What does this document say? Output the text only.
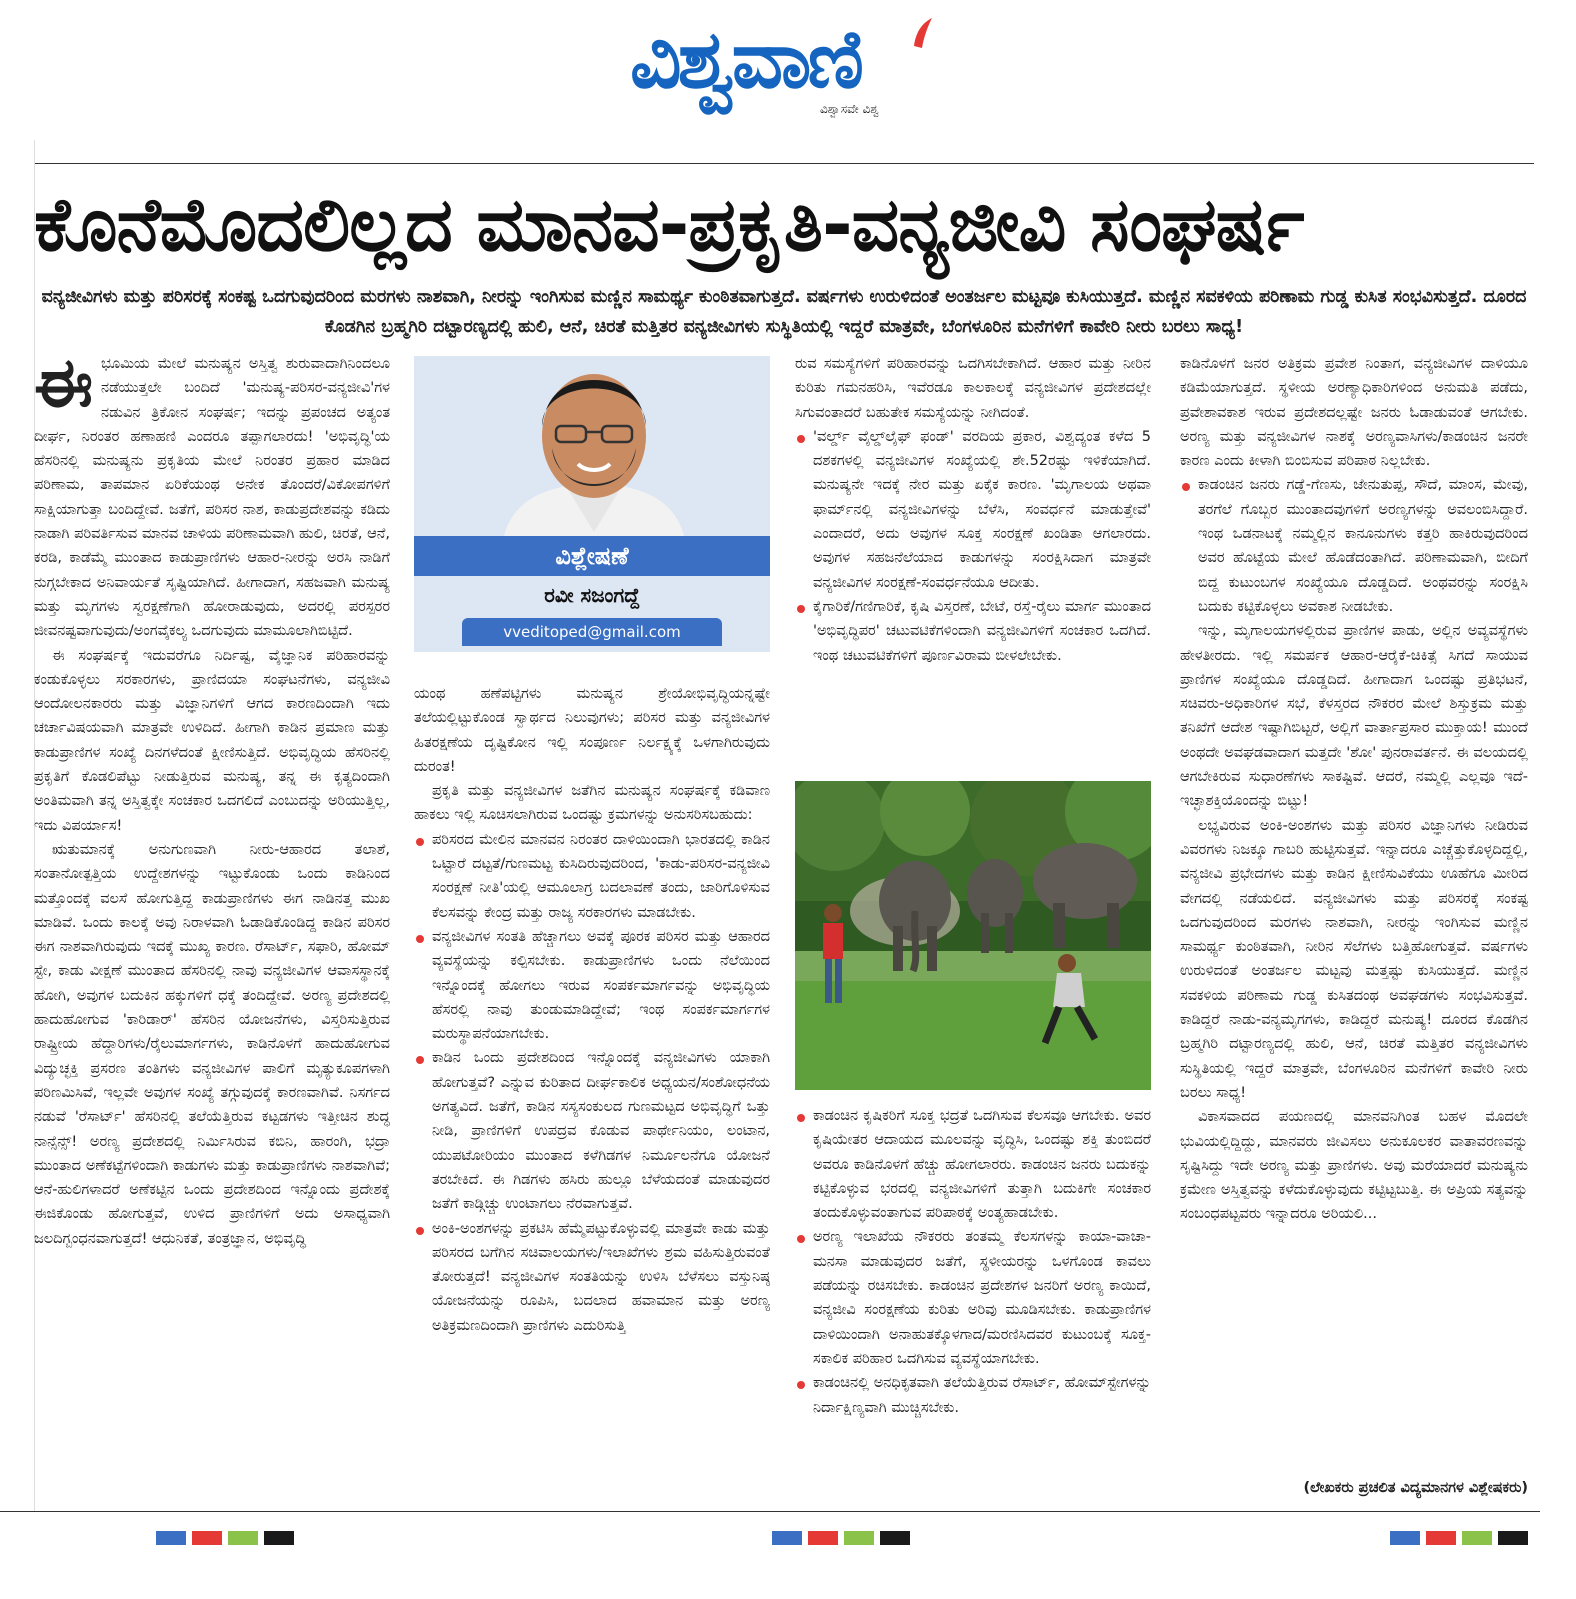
ವಿಶ್ವವಾಣಿ
ವಿಶ್ವಾಸವೇ ವಿಶ್ವ
ಕೊನೆಮೊದಲಿಲ್ಲದ ಮಾನವ-ಪ್ರಕೃತಿ-ವನ್ಯಜೀವಿ ಸಂಘರ್ಷ
ವನ್ಯಜೀವಿಗಳು ಮತ್ತು ಪರಿಸರಕ್ಕೆ ಸಂಕಷ್ಟ ಒದಗುವುದರಿಂದ ಮರಗಳು ನಾಶವಾಗಿ, ನೀರನ್ನು ಇಂಗಿಸುವ ಮಣ್ಣಿನ ಸಾಮರ್ಥ್ಯ ಕುಂಠಿತವಾಗುತ್ತದೆ. ವರ್ಷಗಳು ಉರುಳಿದಂತೆ ಅಂತರ್ಜಲ ಮಟ್ಟವೂ ಕುಸಿಯುತ್ತದೆ. ಮಣ್ಣಿನ ಸವಕಳಿಯ ಪರಿಣಾಮ ಗುಡ್ಡ ಕುಸಿತ ಸಂಭವಿಸುತ್ತದೆ. ದೂರದ ಕೊಡಗಿನ ಬ್ರಹ್ಮಗಿರಿ ದಟ್ಟಾರಣ್ಯದಲ್ಲಿ ಹುಲಿ, ಆನೆ, ಚಿರತೆ ಮತ್ತಿತರ ವನ್ಯಜೀವಿಗಳು ಸುಸ್ಥಿತಿಯಲ್ಲಿ ಇದ್ದರೆ ಮಾತ್ರವೇ, ಬೆಂಗಳೂರಿನ ಮನೆಗಳಿಗೆ ಕಾವೇರಿ ನೀರು ಬರಲು ಸಾಧ್ಯ!

ಈಭೂಮಿಯ ಮೇಲೆ ಮನುಷ್ಯನ ಅಸ್ತಿತ್ವ ಶುರುವಾದಾಗಿನಿಂದಲೂ ನಡೆಯುತ್ತಲೇ ಬಂದಿದೆ 'ಮನುಷ್ಯ-ಪರಿಸರ-ವನ್ಯಜೀವಿ'ಗಳ ನಡುವಿನ ತ್ರಿಕೋನ ಸಂಘರ್ಷ; ಇದನ್ನು ಪ್ರಪಂಚದ ಅತ್ಯಂತ ದೀರ್ಘ, ನಿರಂತರ ಹಣಾಹಣಿ ಎಂದರೂ ತಪ್ಪಾಗಲಾರದು! 'ಅಭಿವೃದ್ಧಿ'ಯ ಹೆಸರಿನಲ್ಲಿ ಮನುಷ್ಯನು ಪ್ರಕೃತಿಯ ಮೇಲೆ ನಿರಂತರ ಪ್ರಹಾರ ಮಾಡಿದ ಪರಿಣಾಮ, ತಾಪಮಾನ ಏರಿಕೆಯಂಥ ಅನೇಕ ತೊಂದರೆ/ವಿಕೋಪಗಳಿಗೆ ಸಾಕ್ಷಿಯಾಗುತ್ತಾ ಬಂದಿದ್ದೇವೆ. ಜತೆಗೆ, ಪರಿಸರ ನಾಶ, ಕಾಡುಪ್ರದೇಶವನ್ನು ಕಡಿದು ನಾಡಾಗಿ ಪರಿವರ್ತಿಸುವ ಮಾನವ ಚಾಳಿಯ ಪರಿಣಾಮವಾಗಿ ಹುಲಿ, ಚಿರತೆ, ಆನೆ, ಕರಡಿ, ಕಾಡೆಮ್ಮೆ ಮುಂತಾದ ಕಾಡುಪ್ರಾಣಿಗಳು ಆಹಾರ-ನೀರನ್ನು ಅರಸಿ ನಾಡಿಗೆ ನುಗ್ಗಬೇಕಾದ ಅನಿವಾರ್ಯತೆ ಸೃಷ್ಟಿಯಾಗಿದೆ. ಹೀಗಾದಾಗ, ಸಹಜವಾಗಿ ಮನುಷ್ಯ ಮತ್ತು ಮೃಗಗಳು ಸ್ವರಕ್ಷಣೆಗಾಗಿ ಹೋರಾಡುವುದು, ಅದರಲ್ಲಿ ಪರಸ್ಪರರ ಜೀವನಷ್ಟವಾಗುವುದು/ಅಂಗವೈಕಲ್ಯ ಒದಗುವುದು ಮಾಮೂಲಾಗಿಬಿಟ್ಟಿದೆ.

ಈ ಸಂಘರ್ಷಕ್ಕೆ ಇದುವರೆಗೂ ನಿರ್ದಿಷ್ಟ, ವೈಜ್ಞಾನಿಕ ಪರಿಹಾರವನ್ನು ಕಂಡುಕೊಳ್ಳಲು ಸರಕಾರಗಳು, ಪ್ರಾಣಿದಯಾ ಸಂಘಟನೆಗಳು, ವನ್ಯಜೀವಿ ಆಂದೋಲನಕಾರರು ಮತ್ತು ವಿಜ್ಞಾನಿಗಳಿಗೆ ಆಗದ ಕಾರಣದಿಂದಾಗಿ ಇದು ಚರ್ಚಾವಿಷಯವಾಗಿ ಮಾತ್ರವೇ ಉಳಿದಿದೆ. ಹೀಗಾಗಿ ಕಾಡಿನ ಪ್ರಮಾಣ ಮತ್ತು ಕಾಡುಪ್ರಾಣಿಗಳ ಸಂಖ್ಯೆ ದಿನಗಳೆದಂತೆ ಕ್ಷೀಣಿಸುತ್ತಿದೆ. ಅಭಿವೃದ್ಧಿಯ ಹೆಸರಿನಲ್ಲಿ ಪ್ರಕೃತಿಗೆ ಕೊಡಲಿಪೆಟ್ಟು ನೀಡುತ್ತಿರುವ ಮನುಷ್ಯ, ತನ್ನ ಈ ಕೃತ್ಯದಿಂದಾಗಿ ಅಂತಿಮವಾಗಿ ತನ್ನ ಅಸ್ತಿತ್ವಕ್ಕೇ ಸಂಚಕಾರ ಒದಗಲಿದೆ ಎಂಬುದನ್ನು ಅರಿಯುತ್ತಿಲ್ಲ, ಇದು ವಿಪರ್ಯಾಸ!

ಋತುಮಾನಕ್ಕೆ ಅನುಗುಣವಾಗಿ ನೀರು-ಆಹಾರದ ತಲಾಶೆ, ಸಂತಾನೋತ್ಪತ್ತಿಯ ಉದ್ದೇಶಗಳನ್ನು ಇಟ್ಟುಕೊಂಡು ಒಂದು ಕಾಡಿನಿಂದ ಮತ್ತೊಂದಕ್ಕೆ ವಲಸೆ ಹೋಗುತ್ತಿದ್ದ ಕಾಡುಪ್ರಾಣಿಗಳು ಈಗ ನಾಡಿನತ್ತ ಮುಖ ಮಾಡಿವೆ. ಒಂದು ಕಾಲಕ್ಕೆ ಅವು ನಿರಾಳವಾಗಿ ಓಡಾಡಿಕೊಂಡಿದ್ದ ಕಾಡಿನ ಪರಿಸರ ಈಗ ನಾಶವಾಗಿರುವುದು ಇದಕ್ಕೆ ಮುಖ್ಯ ಕಾರಣ. ರೆಸಾರ್ಟ್, ಸಫಾರಿ, ಹೋಮ್ ಸ್ಟೇ, ಕಾಡು ವೀಕ್ಷಣೆ ಮುಂತಾದ ಹೆಸರಿನಲ್ಲಿ ನಾವು ವನ್ಯಜೀವಿಗಳ ಆವಾಸಸ್ಥಾನಕ್ಕೆ ಹೋಗಿ, ಅವುಗಳ ಬದುಕಿನ ಹಕ್ಕುಗಳಿಗೆ ಧಕ್ಕೆ ತಂದಿದ್ದೇವೆ. ಅರಣ್ಯ ಪ್ರದೇಶದಲ್ಲಿ ಹಾದುಹೋಗುವ 'ಕಾರಿಡಾರ್' ಹೆಸರಿನ ಯೋಜನೆಗಳು, ವಿಸ್ತರಿಸುತ್ತಿರುವ ರಾಷ್ಟ್ರೀಯ ಹೆದ್ದಾರಿಗಳು/ರೈಲುಮಾರ್ಗಗಳು, ಕಾಡಿನೊಳಗೆ ಹಾದುಹೋಗುವ ವಿದ್ಯುಚ್ಛಕ್ತಿ ಪ್ರಸರಣ ತಂತಿಗಳು ವನ್ಯಜೀವಿಗಳ ಪಾಲಿಗೆ ಮೃತ್ಯುಕೂಪಗಳಾಗಿ ಪರಿಣಮಿಸಿವೆ, ಇಲ್ಲವೇ ಅವುಗಳ ಸಂಖ್ಯೆ ತಗ್ಗುವುದಕ್ಕೆ ಕಾರಣವಾಗಿವೆ. ನಿಸರ್ಗದ ನಡುವೆ 'ರೆಸಾರ್ಟ್' ಹೆಸರಿನಲ್ಲಿ ತಲೆಯೆತ್ತಿರುವ ಕಟ್ಟಡಗಳು ಇತ್ತೀಚಿನ ಶುದ್ಧ ನಾನ್ಸೆನ್ಸ್! ಅರಣ್ಯ ಪ್ರದೇಶದಲ್ಲಿ ನಿರ್ಮಿಸಿರುವ ಕಬಿನಿ, ಹಾರಂಗಿ, ಭದ್ರಾ ಮುಂತಾದ ಅಣೆಕಟ್ಟೆಗಳಿಂದಾಗಿ ಕಾಡುಗಳು ಮತ್ತು ಕಾಡುಪ್ರಾಣಿಗಳು ನಾಶವಾಗಿವೆ; ಆನೆ-ಹುಲಿಗಳಾದರೆ ಅಣೆಕಟ್ಟಿನ ಒಂದು ಪ್ರದೇಶದಿಂದ ಇನ್ನೊಂದು ಪ್ರದೇಶಕ್ಕೆ ಈಜಿಕೊಂಡು ಹೋಗುತ್ತವೆ, ಉಳಿದ ಪ್ರಾಣಿಗಳಿಗೆ ಅದು ಅಸಾಧ್ಯವಾಗಿ ಜಲದಿಗ್ಬಂಧನವಾಗುತ್ತದೆ! ಆಧುನಿಕತೆ, ತಂತ್ರಜ್ಞಾನ, ಅಭಿವೃದ್ಧಿ

ವಿಶ್ಲೇಷಣೆ
ರವೀ ಸಜಂಗದ್ದೆ
vveditoped@gmail.com

ಯಂಥ ಹಣೆಪಟ್ಟಿಗಳು ಮನುಷ್ಯನ ಶ್ರೇಯೋಭಿವೃದ್ಧಿಯನ್ನಷ್ಟೇ ತಲೆಯಲ್ಲಿಟ್ಟುಕೊಂಡ ಸ್ವಾರ್ಥದ ನಿಲುವುಗಳು; ಪರಿಸರ ಮತ್ತು ವನ್ಯಜೀವಿಗಳ ಹಿತರಕ್ಷಣೆಯ ದೃಷ್ಟಿಕೋನ ಇಲ್ಲಿ ಸಂಪೂರ್ಣ ನಿರ್ಲಕ್ಷ್ಯಕ್ಕೆ ಒಳಗಾಗಿರುವುದು ದುರಂತ!

ಪ್ರಕೃತಿ ಮತ್ತು ವನ್ಯಜೀವಿಗಳ ಜತೆಗಿನ ಮನುಷ್ಯನ ಸಂಘರ್ಷಕ್ಕೆ ಕಡಿವಾಣ ಹಾಕಲು ಇಲ್ಲಿ ಸೂಚಿಸಲಾಗಿರುವ ಒಂದಷ್ಟು ಕ್ರಮಗಳನ್ನು ಅನುಸರಿಸಬಹುದು:

ಪರಿಸರದ ಮೇಲಿನ ಮಾನವನ ನಿರಂತರ ದಾಳಿಯಿಂದಾಗಿ ಭಾರತದಲ್ಲಿ ಕಾಡಿನ ಒಟ್ಟಾರೆ ದಟ್ಟತೆ/ಗುಣಮಟ್ಟ ಕುಸಿದಿರುವುದರಿಂದ, 'ಕಾಡು-ಪರಿಸರ-ವನ್ಯಜೀವಿ ಸಂರಕ್ಷಣೆ ನೀತಿ'ಯಲ್ಲಿ ಆಮೂಲಾಗ್ರ ಬದಲಾವಣೆ ತಂದು, ಜಾರಿಗೊಳಿಸುವ ಕೆಲಸವನ್ನು ಕೇಂದ್ರ ಮತ್ತು ರಾಜ್ಯ ಸರಕಾರಗಳು ಮಾಡಬೇಕು.
ವನ್ಯಜೀವಿಗಳ ಸಂತತಿ ಹೆಚ್ಚಾಗಲು ಅವಕ್ಕೆ ಪೂರಕ ಪರಿಸರ ಮತ್ತು ಆಹಾರದ ವ್ಯವಸ್ಥೆಯನ್ನು ಕಲ್ಪಿಸಬೇಕು. ಕಾಡುಪ್ರಾಣಿಗಳು ಒಂದು ನೆಲೆಯಿಂದ ಇನ್ನೊಂದಕ್ಕೆ ಹೋಗಲು ಇರುವ ಸಂಪರ್ಕಮಾರ್ಗವನ್ನು ಅಭಿವೃದ್ಧಿಯ ಹೆಸರಲ್ಲಿ ನಾವು ತುಂಡುಮಾಡಿದ್ದೇವೆ; ಇಂಥ ಸಂಪರ್ಕಮಾರ್ಗಗಳ ಮರುಸ್ಥಾಪನೆಯಾಗಬೇಕು.
ಕಾಡಿನ ಒಂದು ಪ್ರದೇಶದಿಂದ ಇನ್ನೊಂದಕ್ಕೆ ವನ್ಯಜೀವಿಗಳು ಯಾಕಾಗಿ ಹೋಗುತ್ತವೆ? ಎನ್ನುವ ಕುರಿತಾದ ದೀರ್ಘಕಾಲಿಕ ಅಧ್ಯಯನ/ಸಂಶೋಧನೆಯ ಅಗತ್ಯವಿದೆ. ಜತೆಗೆ, ಕಾಡಿನ ಸಸ್ಯಸಂಕುಲದ ಗುಣಮಟ್ಟದ ಅಭಿವೃದ್ಧಿಗೆ ಒತ್ತು ನೀಡಿ, ಪ್ರಾಣಿಗಳಿಗೆ ಉಪದ್ರವ ಕೊಡುವ ಪಾರ್ಥೇನಿಯಂ, ಲಂಟಾನ, ಯುಪಟೋರಿಯಂ ಮುಂತಾದ ಕಳೆಗಿಡಗಳ ನಿರ್ಮೂಲನೆಗೂ ಯೋಜನೆ ತರಬೇಕಿದೆ. ಈ ಗಿಡಗಳು ಹಸಿರು ಹುಲ್ಲೂ ಬೆಳೆಯದಂತೆ ಮಾಡುವುದರ ಜತೆಗೆ ಕಾಡ್ಗಿಚ್ಚು ಉಂಟಾಗಲು ನೆರವಾಗುತ್ತವೆ.
ಅಂಕಿ-ಅಂಶಗಳನ್ನು ಪ್ರಕಟಿಸಿ ಹೆಮ್ಮೆಪಟ್ಟುಕೊಳ್ಳುವಲ್ಲಿ ಮಾತ್ರವೇ ಕಾಡು ಮತ್ತು ಪರಿಸರದ ಬಗೆಗಿನ ಸಚಿವಾಲಯಗಳು/ಇಲಾಖೆಗಳು ಶ್ರಮ ವಹಿಸುತ್ತಿರುವಂತೆ ತೋರುತ್ತದೆ! ವನ್ಯಜೀವಿಗಳ ಸಂತತಿಯನ್ನು ಉಳಿಸಿ ಬೆಳೆಸಲು ವಸ್ತುನಿಷ್ಠ ಯೋಜನೆಯನ್ನು ರೂಪಿಸಿ, ಬದಲಾದ ಹವಾಮಾನ ಮತ್ತು ಅರಣ್ಯ ಅತಿಕ್ರಮಣದಿಂದಾಗಿ ಪ್ರಾಣಿಗಳು ಎದುರಿಸುತ್ತಿ

ರುವ ಸಮಸ್ಯೆಗಳಿಗೆ ಪರಿಹಾರವನ್ನು ಒದಗಿಸಬೇಕಾಗಿದೆ. ಆಹಾರ ಮತ್ತು ನೀರಿನ ಕುರಿತು ಗಮನಹರಿಸಿ, ಇವೆರಡೂ ಕಾಲಕಾಲಕ್ಕೆ ವನ್ಯಜೀವಿಗಳ ಪ್ರದೇಶದಲ್ಲೇ ಸಿಗುವಂತಾದರೆ ಬಹುತೇಕ ಸಮಸ್ಯೆಯನ್ನು ನೀಗಿದಂತೆ.

'ವರ್ಲ್ಡ್ ವೈಲ್ಡ್‌ಲೈಫ್ ಫಂಡ್' ವರದಿಯ ಪ್ರಕಾರ, ವಿಶ್ವದ್ಯಂತ ಕಳೆದ 5 ದಶಕಗಳಲ್ಲಿ ವನ್ಯಜೀವಿಗಳ ಸಂಖ್ಯೆಯಲ್ಲಿ ಶೇ.52ರಷ್ಟು ಇಳಿಕೆಯಾಗಿದೆ. ಮನುಷ್ಯನೇ ಇದಕ್ಕೆ ನೇರ ಮತ್ತು ಏಕೈಕ ಕಾರಣ. 'ಮೃಗಾಲಯ ಅಥವಾ ಫಾರ್ಮ್‌ನಲ್ಲಿ ವನ್ಯಜೀವಿಗಳನ್ನು ಬೆಳೆಸಿ, ಸಂವರ್ಧನೆ ಮಾಡುತ್ತೇವೆ' ಎಂದಾದರೆ, ಅದು ಅವುಗಳ ಸೂಕ್ತ ಸಂರಕ್ಷಣೆ ಖಂಡಿತಾ ಆಗಲಾರದು. ಅವುಗಳ ಸಹಜನೆಲೆಯಾದ ಕಾಡುಗಳನ್ನು ಸಂರಕ್ಷಿಸಿದಾಗ ಮಾತ್ರವೇ ವನ್ಯಜೀವಿಗಳ ಸಂರಕ್ಷಣೆ-ಸಂವರ್ಧನೆಯೂ ಆದೀತು.
ಕೈಗಾರಿಕೆ/ಗಣಿಗಾರಿಕೆ, ಕೃಷಿ ವಿಸ್ತರಣೆ, ಬೇಟೆ, ರಸ್ತೆ-ರೈಲು ಮಾರ್ಗ ಮುಂತಾದ 'ಅಭಿವೃದ್ಧಿಪರ' ಚಟುವಟಿಕೆಗಳಿಂದಾಗಿ ವನ್ಯಜೀವಿಗಳಿಗೆ ಸಂಚಕಾರ ಒದಗಿದೆ. ಇಂಥ ಚಟುವಟಿಕೆಗಳಿಗೆ ಪೂರ್ಣವಿರಾಮ ಬೀಳಲೇಬೇಕು.
ಕಾಡಂಚಿನ ಕೃಷಿಕರಿಗೆ ಸೂಕ್ತ ಭದ್ರತೆ ಒದಗಿಸುವ ಕೆಲಸವೂ ಆಗಬೇಕು. ಅವರ ಕೃಷಿಯೇತರ ಆದಾಯದ ಮೂಲವನ್ನು ವೃದ್ಧಿಸಿ, ಒಂದಷ್ಟು ಶಕ್ತಿ ತುಂಬಿದರೆ ಅವರೂ ಕಾಡಿನೊಳಗೆ ಹೆಚ್ಚು ಹೋಗಲಾರರು. ಕಾಡಂಚಿನ ಜನರು ಬದುಕನ್ನು ಕಟ್ಟಿಕೊಳ್ಳುವ ಭರದಲ್ಲಿ ವನ್ಯಜೀವಿಗಳಿಗೆ ತುತ್ತಾಗಿ ಬದುಕಿಗೇ ಸಂಚಕಾರ ತಂದುಕೊಳ್ಳುವಂತಾಗುವ ಪರಿಪಾಠಕ್ಕೆ ಅಂತ್ಯಹಾಡಬೇಕು.
ಅರಣ್ಯ ಇಲಾಖೆಯ ನೌಕರರು ತಂತಮ್ಮ ಕೆಲಸಗಳನ್ನು ಕಾಯಾ-ವಾಚಾ-ಮನಸಾ ಮಾಡುವುದರ ಜತೆಗೆ, ಸ್ಥಳೀಯರನ್ನು ಒಳಗೊಂಡ ಕಾವಲು ಪಡೆಯನ್ನು ರಚಿಸಬೇಕು. ಕಾಡಂಚಿನ ಪ್ರದೇಶಗಳ ಜನರಿಗೆ ಅರಣ್ಯ ಕಾಯಿದೆ, ವನ್ಯಜೀವಿ ಸಂರಕ್ಷಣೆಯ ಕುರಿತು ಅರಿವು ಮೂಡಿಸಬೇಕು. ಕಾಡುಪ್ರಾಣಿಗಳ ದಾಳಿಯಿಂದಾಗಿ ಅನಾಹುತಕ್ಕೊಳಗಾದ/ಮರಣಿಸಿದವರ ಕುಟುಂಬಕ್ಕೆ ಸೂಕ್ತ-ಸಕಾಲಿಕ ಪರಿಹಾರ ಒದಗಿಸುವ ವ್ಯವಸ್ಥೆಯಾಗಬೇಕು.
ಕಾಡಂಚಿನಲ್ಲಿ ಅನಧಿಕೃತವಾಗಿ ತಲೆಯೆತ್ತಿರುವ ರೆಸಾರ್ಟ್, ಹೋಮ್‌ಸ್ಟೇಗಳನ್ನು ನಿರ್ದಾಕ್ಷಿಣ್ಯವಾಗಿ ಮುಚ್ಚಿಸಬೇಕು.

ಕಾಡಿನೊಳಗೆ ಜನರ ಅತಿಕ್ರಮ ಪ್ರವೇಶ ನಿಂತಾಗ, ವನ್ಯಜೀವಿಗಳ ದಾಳಿಯೂ ಕಡಿಮೆಯಾಗುತ್ತದೆ. ಸ್ಥಳೀಯ ಅರಣ್ಯಾಧಿಕಾರಿಗಳಿಂದ ಅನುಮತಿ ಪಡೆದು, ಪ್ರವೇಶಾವಕಾಶ ಇರುವ ಪ್ರದೇಶದಲ್ಲಷ್ಟೇ ಜನರು ಓಡಾಡುವಂತೆ ಆಗಬೇಕು. ಅರಣ್ಯ ಮತ್ತು ವನ್ಯಜೀವಿಗಳ ನಾಶಕ್ಕೆ ಅರಣ್ಯವಾಸಿಗಳು/ಕಾಡಂಚಿನ ಜನರೇ ಕಾರಣ ಎಂದು ಕೀಳಾಗಿ ಬಿಂಬಿಸುವ ಪರಿಪಾಠ ನಿಲ್ಲಬೇಕು.

ಕಾಡಂಚಿನ ಜನರು ಗಡ್ಡೆ-ಗೆಣಸು, ಜೇನುತುಪ್ಪ, ಸೌದೆ, ಮಾಂಸ, ಮೇವು, ತರಗೆಲೆ ಗೊಬ್ಬರ ಮುಂತಾದವುಗಳಿಗೆ ಅರಣ್ಯಗಳನ್ನು ಅವಲಂಬಿಸಿದ್ದಾರೆ. ಇಂಥ ಒಡನಾಟಕ್ಕೆ ನಮ್ಮಲ್ಲಿನ ಕಾನೂನುಗಳು ಕತ್ತರಿ ಹಾಕಿರುವುದರಿಂದ ಅವರ ಹೊಟ್ಟೆಯ ಮೇಲೆ ಹೊಡೆದಂತಾಗಿದೆ. ಪರಿಣಾಮವಾಗಿ, ಬೀದಿಗೆ ಬಿದ್ದ ಕುಟುಂಬಗಳ ಸಂಖ್ಯೆಯೂ ದೊಡ್ಡದಿದೆ. ಅಂಥವರನ್ನು ಸಂರಕ್ಷಿಸಿ ಬದುಕು ಕಟ್ಟಿಕೊಳ್ಳಲು ಅವಕಾಶ ನೀಡಬೇಕು.

ಇನ್ನು, ಮೃಗಾಲಯಗಳಲ್ಲಿರುವ ಪ್ರಾಣಿಗಳ ಪಾಡು, ಅಲ್ಲಿನ ಅವ್ಯವಸ್ಥೆಗಳು ಹೇಳತೀರದು. ಇಲ್ಲಿ ಸಮರ್ಪಕ ಆಹಾರ-ಆರೈಕೆ-ಚಿಕಿತ್ಸೆ ಸಿಗದೆ ಸಾಯುವ ಪ್ರಾಣಿಗಳ ಸಂಖ್ಯೆಯೂ ದೊಡ್ಡದಿದೆ. ಹೀಗಾದಾಗ ಒಂದಷ್ಟು ಪ್ರತಿಭಟನೆ, ಸಚಿವರು-ಅಧಿಕಾರಿಗಳ ಸಭೆ, ಕೆಳಸ್ತರದ ನೌಕರರ ಮೇಲೆ ಶಿಸ್ತುಕ್ರಮ ಮತ್ತು ತನಿಖೆಗೆ ಆದೇಶ ಇಷ್ಟಾಗಿಬಿಟ್ಟರೆ, ಅಲ್ಲಿಗೆ ವಾರ್ತಾಪ್ರಸಾರ ಮುಕ್ತಾಯ! ಮುಂದೆ ಅಂಥದೇ ಅವಘಡವಾದಾಗ ಮತ್ತದೇ 'ಶೋ' ಪುನರಾವರ್ತನೆ. ಈ ವಲಯದಲ್ಲಿ ಆಗಬೇಕಿರುವ ಸುಧಾರಣೆಗಳು ಸಾಕಷ್ಟಿವೆ. ಆದರೆ, ನಮ್ಮಲ್ಲಿ ಎಲ್ಲವೂ ಇದೆ- ಇಚ್ಛಾಶಕ್ತಿಯೊಂದನ್ನು ಬಿಟ್ಟು!

ಲಭ್ಯವಿರುವ ಅಂಕಿ-ಅಂಶಗಳು ಮತ್ತು ಪರಿಸರ ವಿಜ್ಞಾನಿಗಳು ನೀಡಿರುವ ವಿವರಗಳು ನಿಜಕ್ಕೂ ಗಾಬರಿ ಹುಟ್ಟಿಸುತ್ತವೆ. ಇನ್ನಾದರೂ ಎಚ್ಚೆತ್ತುಕೊಳ್ಳದಿದ್ದಲ್ಲಿ, ವನ್ಯಜೀವಿ ಪ್ರಭೇದಗಳು ಮತ್ತು ಕಾಡಿನ ಕ್ಷೀಣಿಸುವಿಕೆಯು ಊಹೆಗೂ ಮೀರಿದ ವೇಗದಲ್ಲಿ ನಡೆಯಲಿದೆ. ವನ್ಯಜೀವಿಗಳು ಮತ್ತು ಪರಿಸರಕ್ಕೆ ಸಂಕಷ್ಟ ಒದಗುವುದರಿಂದ ಮರಗಳು ನಾಶವಾಗಿ, ನೀರನ್ನು ಇಂಗಿಸುವ ಮಣ್ಣಿನ ಸಾಮರ್ಥ್ಯ ಕುಂಠಿತವಾಗಿ, ನೀರಿನ ಸೆಲೆಗಳು ಬತ್ತಿಹೋಗುತ್ತವೆ. ವರ್ಷಗಳು ಉರುಳಿದಂತೆ ಅಂತರ್ಜಲ ಮಟ್ಟವು ಮತ್ತಷ್ಟು ಕುಸಿಯುತ್ತದೆ. ಮಣ್ಣಿನ ಸವಕಳಿಯ ಪರಿಣಾಮ ಗುಡ್ಡ ಕುಸಿತದಂಥ ಅವಘಡಗಳು ಸಂಭವಿಸುತ್ತವೆ. ಕಾಡಿದ್ದರೆ ನಾಡು-ವನ್ಯಮೃಗಗಳು, ಕಾಡಿದ್ದರೆ ಮನುಷ್ಯ! ದೂರದ ಕೊಡಗಿನ ಬ್ರಹ್ಮಗಿರಿ ದಟ್ಟಾರಣ್ಯದಲ್ಲಿ ಹುಲಿ, ಆನೆ, ಚಿರತೆ ಮತ್ತಿತರ ವನ್ಯಜೀವಿಗಳು ಸುಸ್ಥಿತಿಯಲ್ಲಿ ಇದ್ದರೆ ಮಾತ್ರವೇ, ಬೆಂಗಳೂರಿನ ಮನೆಗಳಿಗೆ ಕಾವೇರಿ ನೀರು ಬರಲು ಸಾಧ್ಯ!

ವಿಕಾಸವಾದದ ಪಯಣದಲ್ಲಿ ಮಾನವನಿಗಿಂತ ಬಹಳ ಮೊದಲೇ ಭುವಿಯಲ್ಲಿದ್ದಿದ್ದು, ಮಾನವರು ಜೀವಿಸಲು ಅನುಕೂಲಕರ ವಾತಾವರಣವನ್ನು ಸೃಷ್ಟಿಸಿದ್ದು ಇದೇ ಅರಣ್ಯ ಮತ್ತು ಪ್ರಾಣಿಗಳು. ಅವು ಮರೆಯಾದರೆ ಮನುಷ್ಯನು ಕ್ರಮೇಣ ಅಸ್ತಿತ್ವವನ್ನು ಕಳೆದುಕೊಳ್ಳುವುದು ಕಟ್ಟಿಟ್ಟಬುತ್ತಿ. ಈ ಅಪ್ರಿಯ ಸತ್ಯವನ್ನು ಸಂಬಂಧಪಟ್ಟವರು ಇನ್ನಾದರೂ ಅರಿಯಲಿ...

(ಲೇಖಕರು ಪ್ರಚಲಿತ ವಿದ್ಯಮಾನಗಳ ವಿಶ್ಲೇಷಕರು)
